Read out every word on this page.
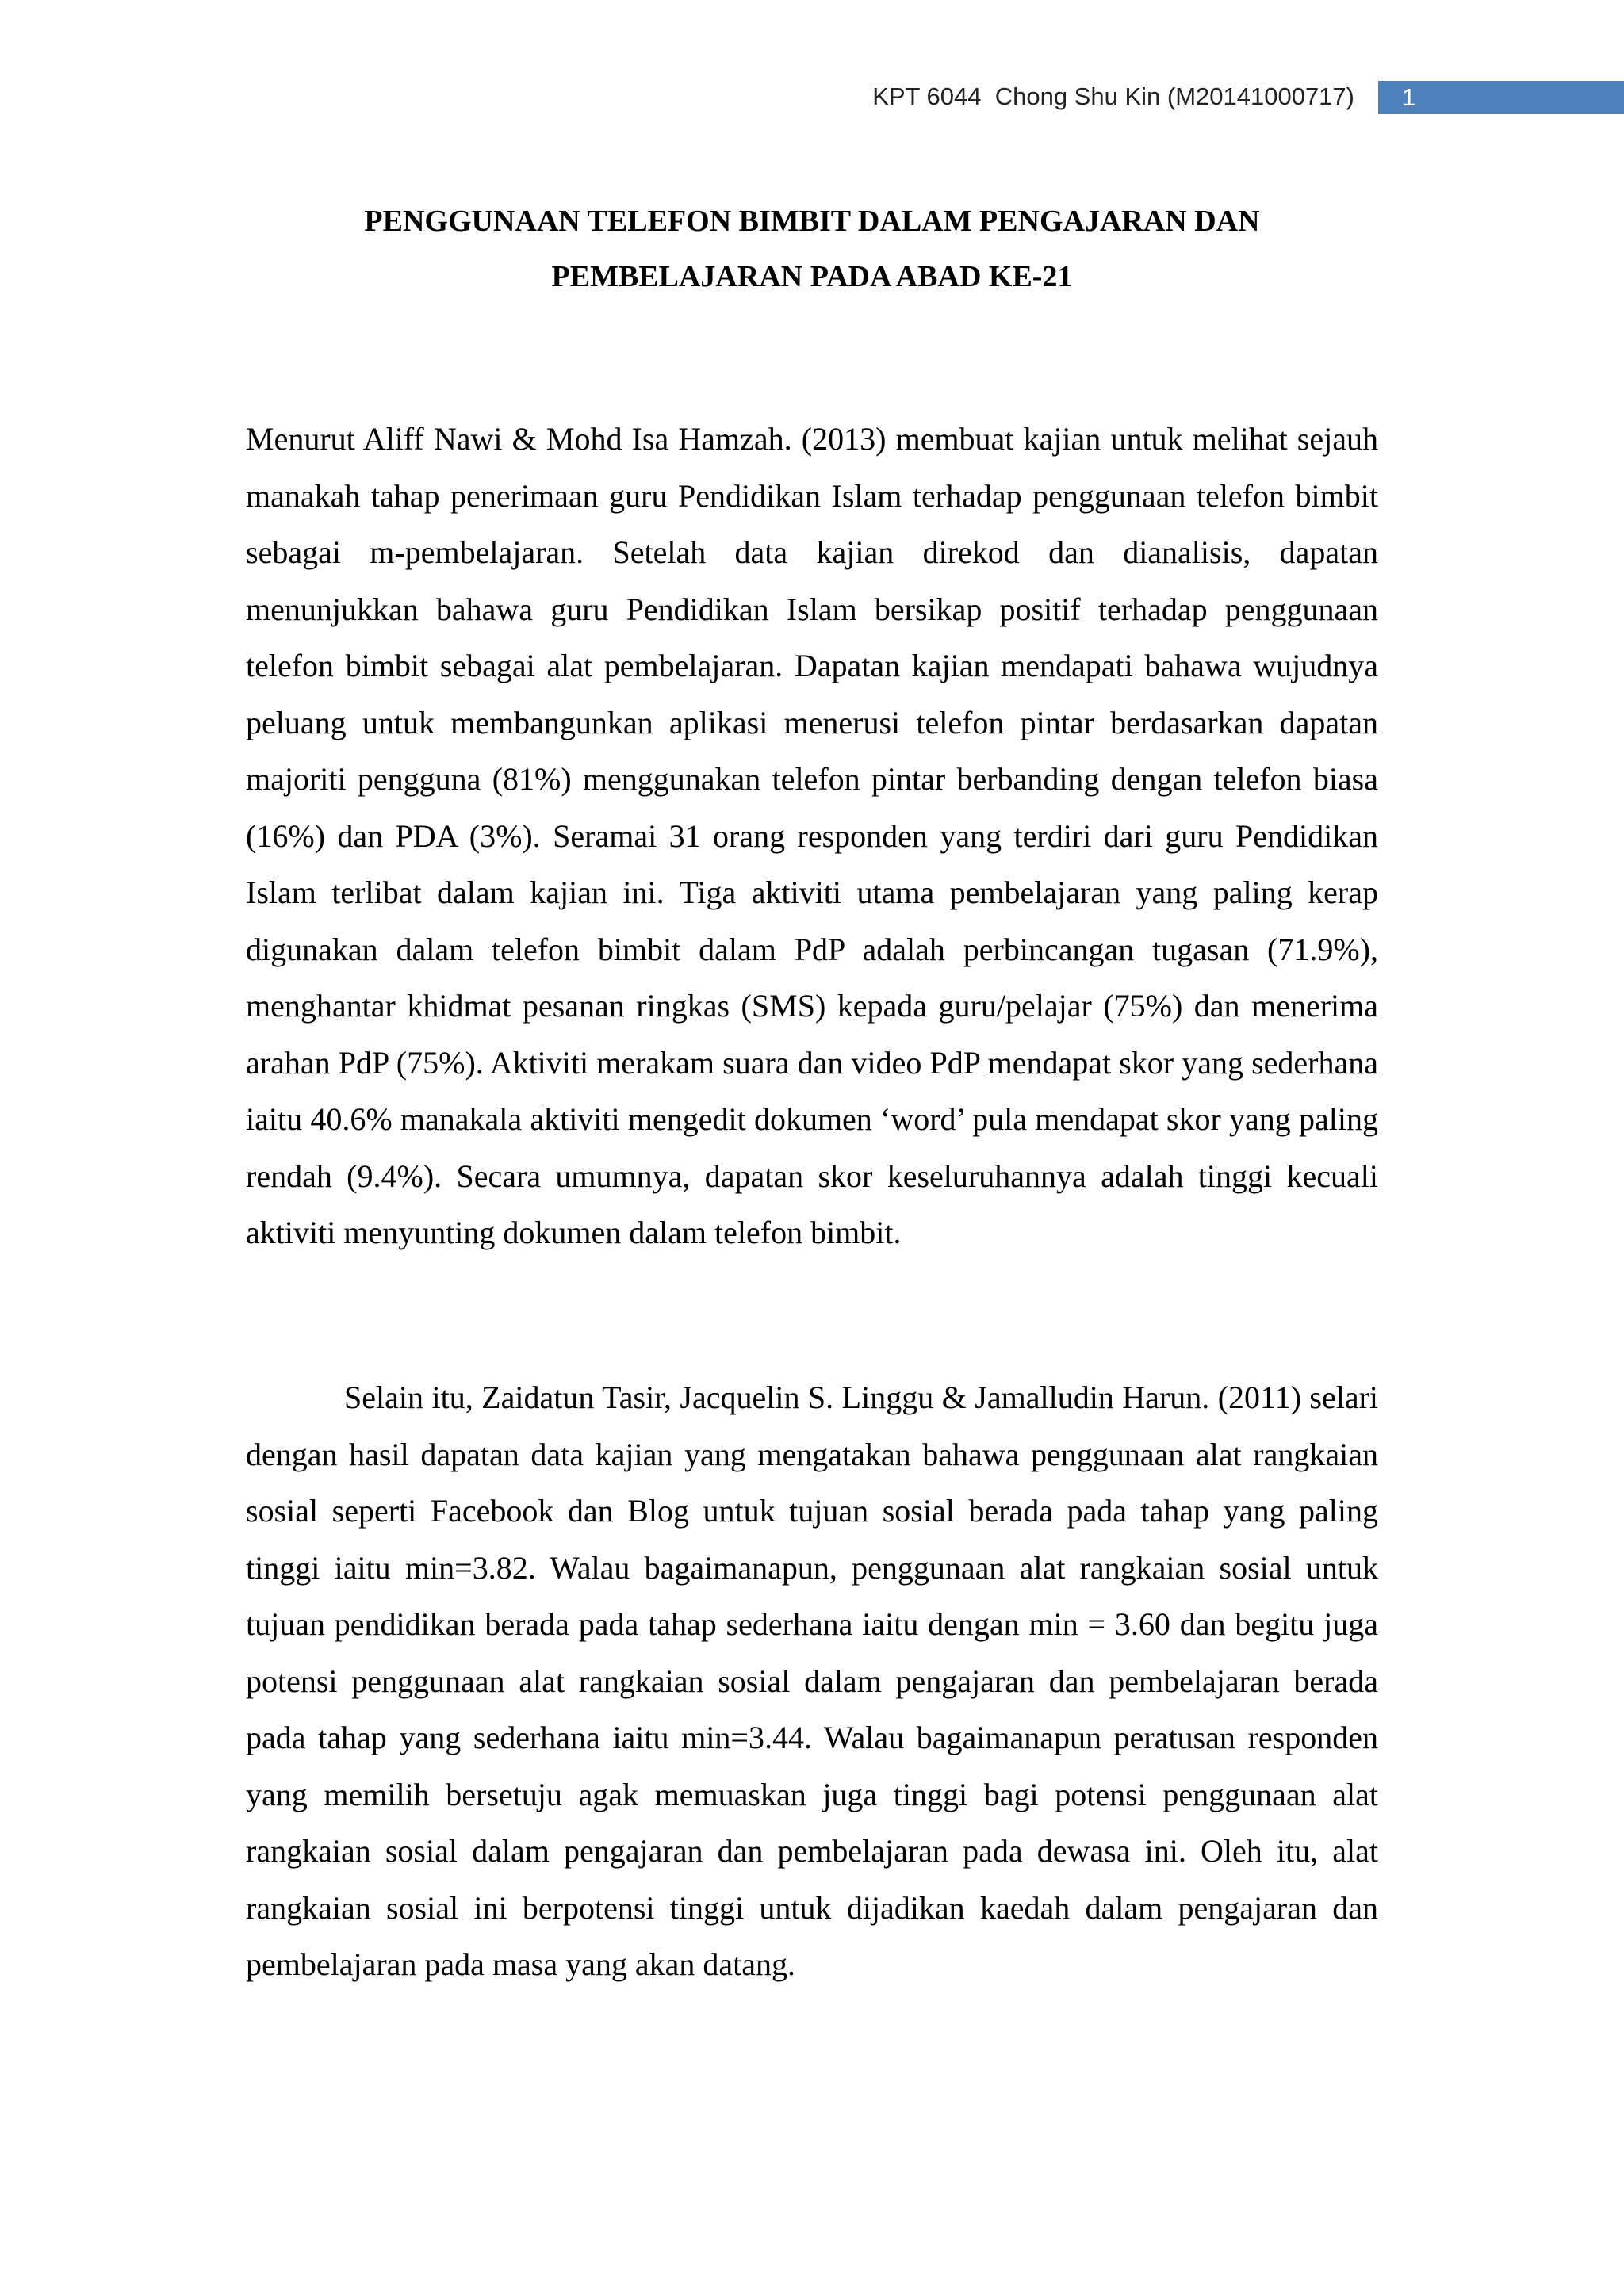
KPT 6044  Chong Shu Kin (M20141000717) 1
PENGGUNAAN TELEFON BIMBIT DALAM PENGAJARAN DAN
PEMBELAJARAN PADA ABAD KE-21
Menurut Aliff Nawi & Mohd Isa Hamzah. (2013) membuat kajian untuk melihat sejauh manakah tahap penerimaan guru Pendidikan Islam terhadap penggunaan telefon bimbit sebagai m-pembelajaran. Setelah data kajian direkod dan dianalisis, dapatan menunjukkan bahawa guru Pendidikan Islam bersikap positif terhadap penggunaan telefon bimbit sebagai alat pembelajaran. Dapatan kajian mendapati bahawa wujudnya peluang untuk membangunkan aplikasi menerusi telefon pintar berdasarkan dapatan majoriti pengguna (81%) menggunakan telefon pintar berbanding dengan telefon biasa (16%) dan PDA (3%). Seramai 31 orang responden yang terdiri dari guru Pendidikan Islam terlibat dalam kajian ini. Tiga aktiviti utama pembelajaran yang paling kerap digunakan dalam telefon bimbit dalam PdP adalah perbincangan tugasan (71.9%), menghantar khidmat pesanan ringkas (SMS) kepada guru/pelajar (75%) dan menerima arahan PdP (75%). Aktiviti merakam suara dan video PdP mendapat skor yang sederhana iaitu 40.6% manakala aktiviti mengedit dokumen ‘word’ pula mendapat skor yang paling rendah (9.4%). Secara umumnya, dapatan skor keseluruhannya adalah tinggi kecuali aktiviti menyunting dokumen dalam telefon bimbit.
Selain itu, Zaidatun Tasir, Jacquelin S. Linggu & Jamalludin Harun. (2011) selari dengan hasil dapatan data kajian yang mengatakan bahawa penggunaan alat rangkaian sosial seperti Facebook dan Blog untuk tujuan sosial berada pada tahap yang paling tinggi iaitu min=3.82. Walau bagaimanapun, penggunaan alat rangkaian sosial untuk tujuan pendidikan berada pada tahap sederhana iaitu dengan min = 3.60 dan begitu juga potensi penggunaan alat rangkaian sosial dalam pengajaran dan pembelajaran berada pada tahap yang sederhana iaitu min=3.44. Walau bagaimanapun peratusan responden yang memilih bersetuju agak memuaskan juga tinggi bagi potensi penggunaan alat rangkaian sosial dalam pengajaran dan pembelajaran pada dewasa ini. Oleh itu, alat rangkaian sosial ini berpotensi tinggi untuk dijadikan kaedah dalam pengajaran dan pembelajaran pada masa yang akan datang.
